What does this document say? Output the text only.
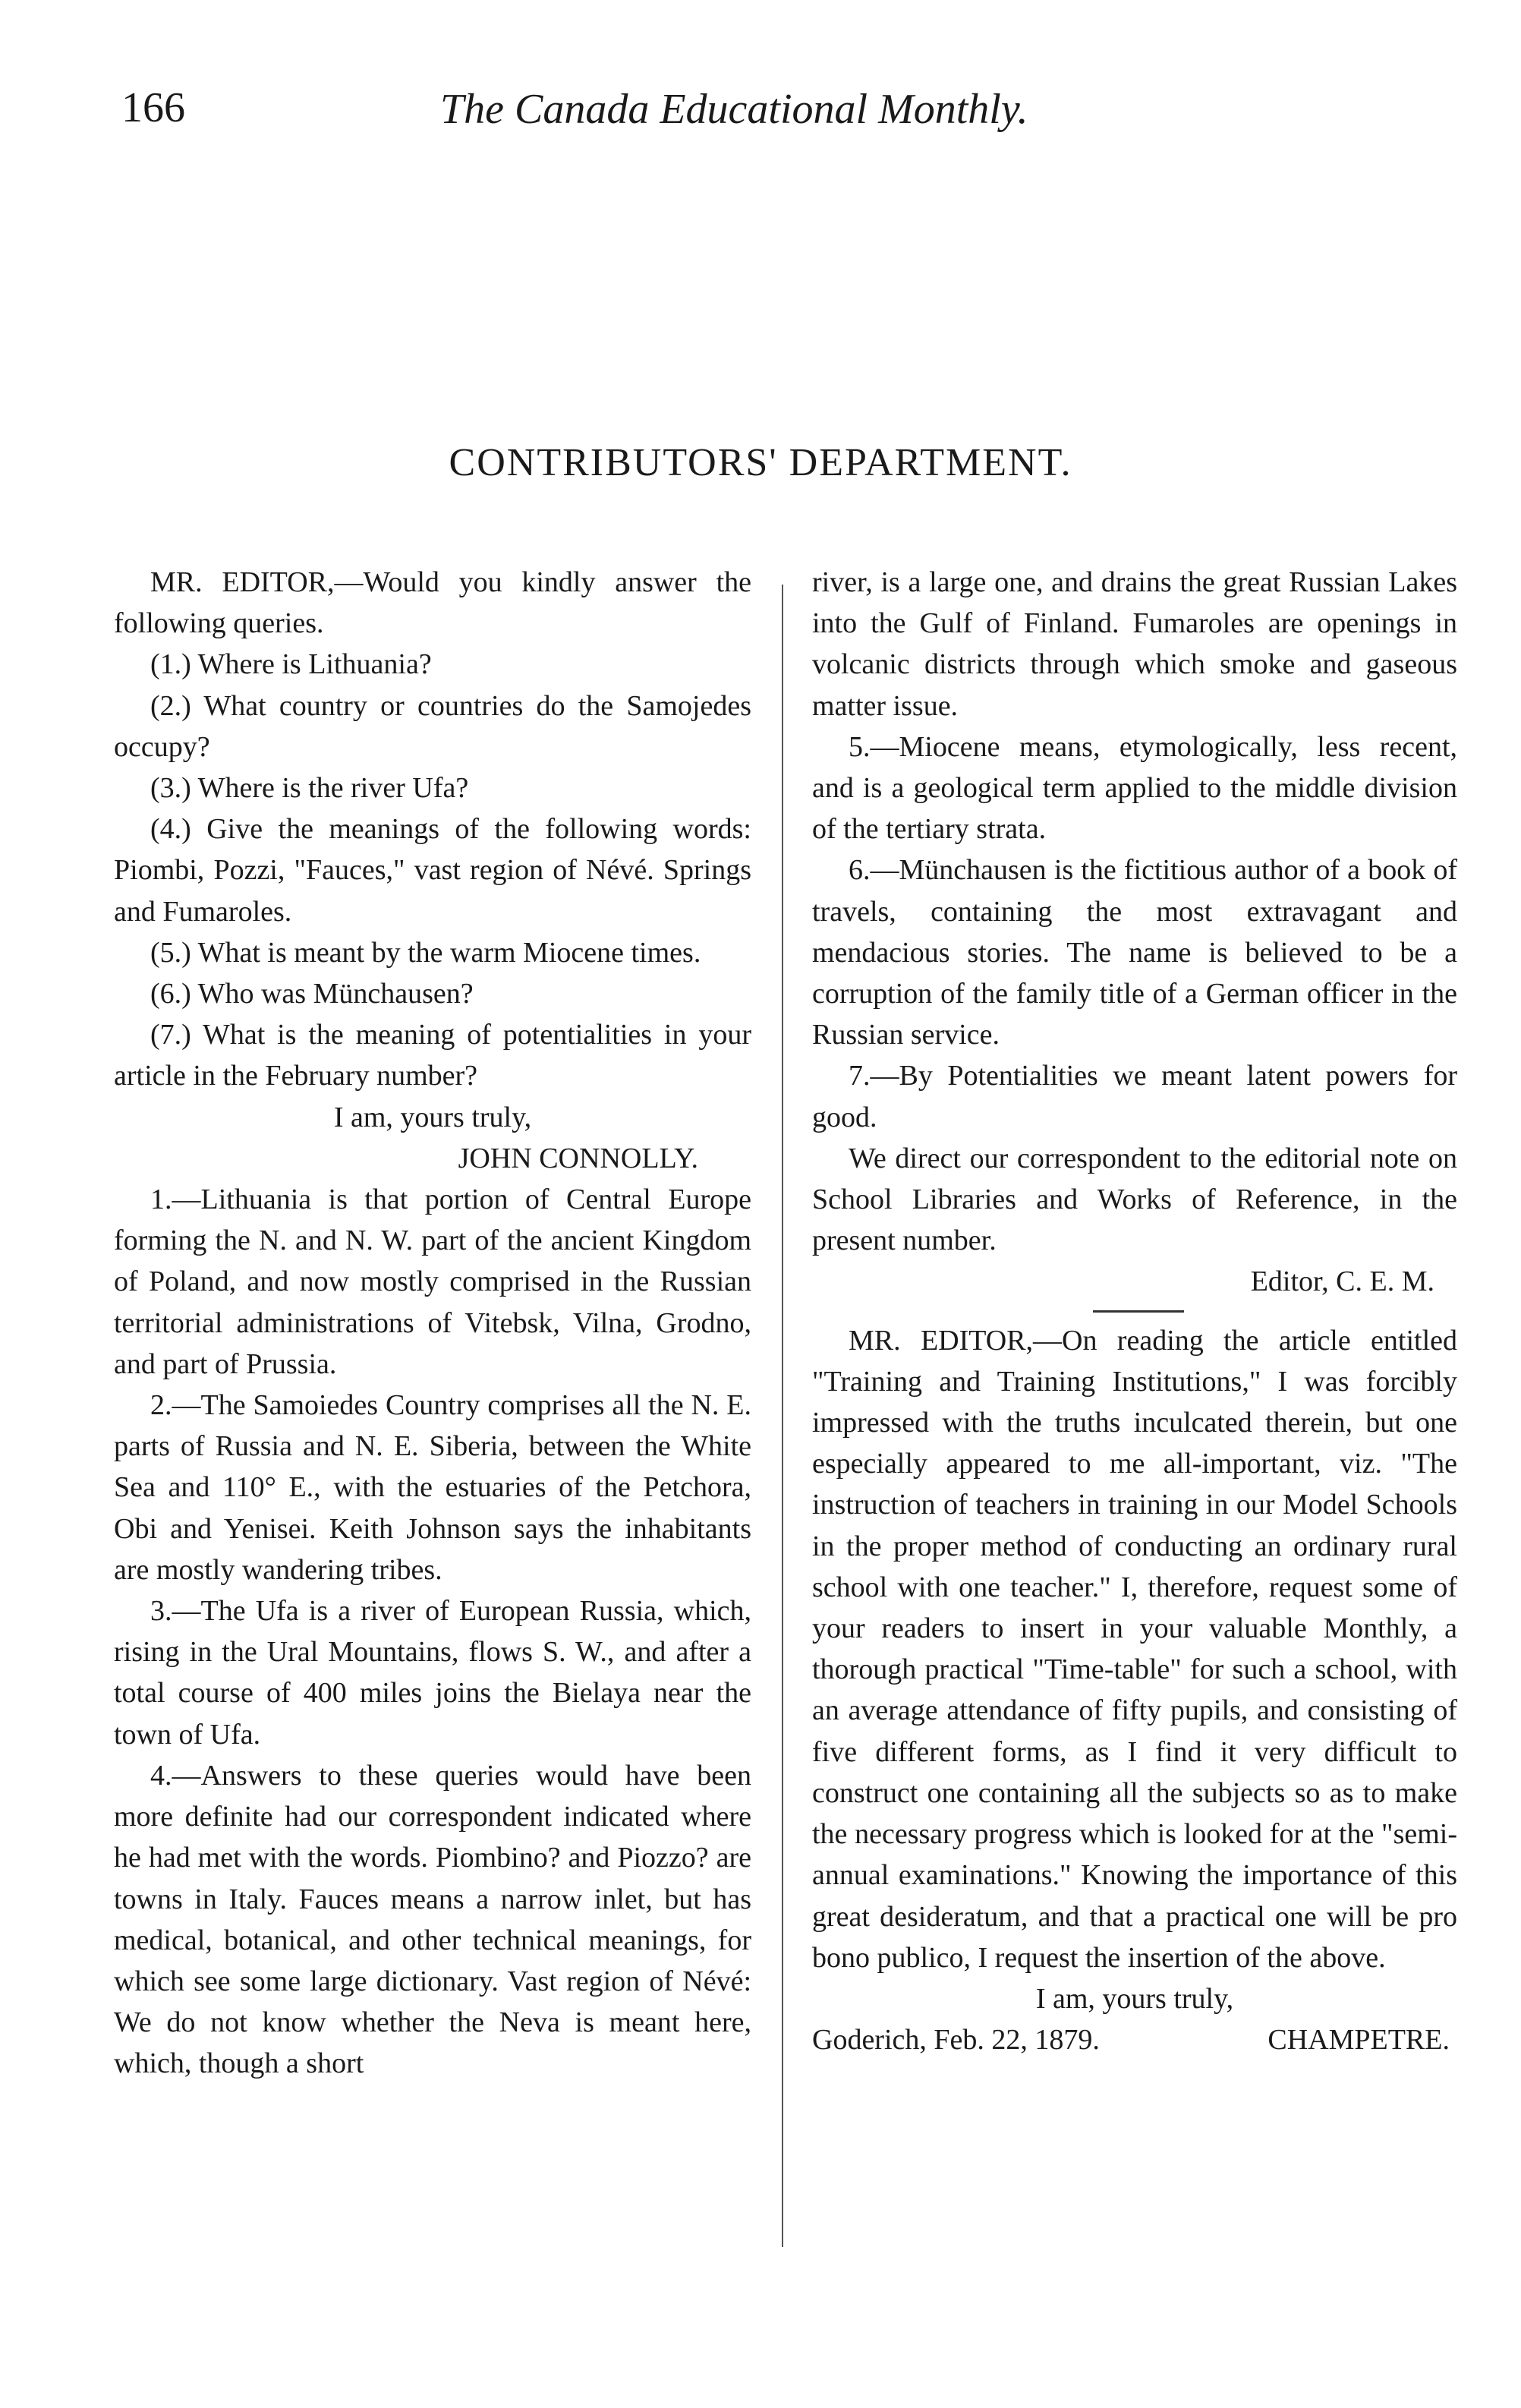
166	The Canada Educational Monthly.
CONTRIBUTORS' DEPARTMENT.

MR. EDITOR,—Would you kindly answer the following queries.

(1.) Where is Lithuania?

(2.) What country or countries do the Samojedes occupy?

(3.) Where is the river Ufa?

(4.) Give the meanings of the following words: Piombi, Pozzi, "Fauces," vast region of Névé. Springs and Fumaroles.

(5.) What is meant by the warm Miocene times.

(6.) Who was Münchausen?

(7.) What is the meaning of potentialities in your article in the February number?

I am, yours truly,

JOHN CONNOLLY.

1.—Lithuania is that portion of Central Europe forming the N. and N. W. part of the ancient Kingdom of Poland, and now mostly comprised in the Russian territorial administrations of Vitebsk, Vilna, Grodno, and part of Prussia.

2.—The Samoiedes Country comprises all the N. E. parts of Russia and N. E. Siberia, between the White Sea and 110° E., with the estuaries of the Petchora, Obi and Yenisei. Keith Johnson says the inhabitants are mostly wandering tribes.

3.—The Ufa is a river of European Russia, which, rising in the Ural Mountains, flows S. W., and after a total course of 400 miles joins the Bielaya near the town of Ufa.

4.—Answers to these queries would have been more definite had our correspondent indicated where he had met with the words. Piombino? and Piozzo? are towns in Italy. Fauces means a narrow inlet, but has medical, botanical, and other technical meanings, for which see some large dictionary. Vast region of Névé: We do not know whether the Neva is meant here, which, though a short

river, is a large one, and drains the great Russian Lakes into the Gulf of Finland. Fumaroles are openings in volcanic districts through which smoke and gaseous matter issue.

5.—Miocene means, etymologically, less recent, and is a geological term applied to the middle division of the tertiary strata.

6.—Münchausen is the fictitious author of a book of travels, containing the most extravagant and mendacious stories. The name is believed to be a corruption of the family title of a German officer in the Russian service.

7.—By Potentialities we meant latent powers for good.

We direct our correspondent to the editorial note on School Libraries and Works of Reference, in the present number.

Editor, C. E. M.

MR. EDITOR,—On reading the article entitled "Training and Training Institutions," I was forcibly impressed with the truths inculcated therein, but one especially appeared to me all-important, viz. "The instruction of teachers in training in our Model Schools in the proper method of conducting an ordinary rural school with one teacher." I, therefore, request some of your readers to insert in your valuable Monthly, a thorough practical "Time-table" for such a school, with an average attendance of fifty pupils, and consisting of five different forms, as I find it very difficult to construct one containing all the subjects so as to make the necessary progress which is looked for at the "semi-annual examinations." Knowing the importance of this great desideratum, and that a practical one will be pro bono publico, I request the insertion of the above.

I am, yours truly,

Goderich, Feb. 22, 1879.	CHAMPETRE.
